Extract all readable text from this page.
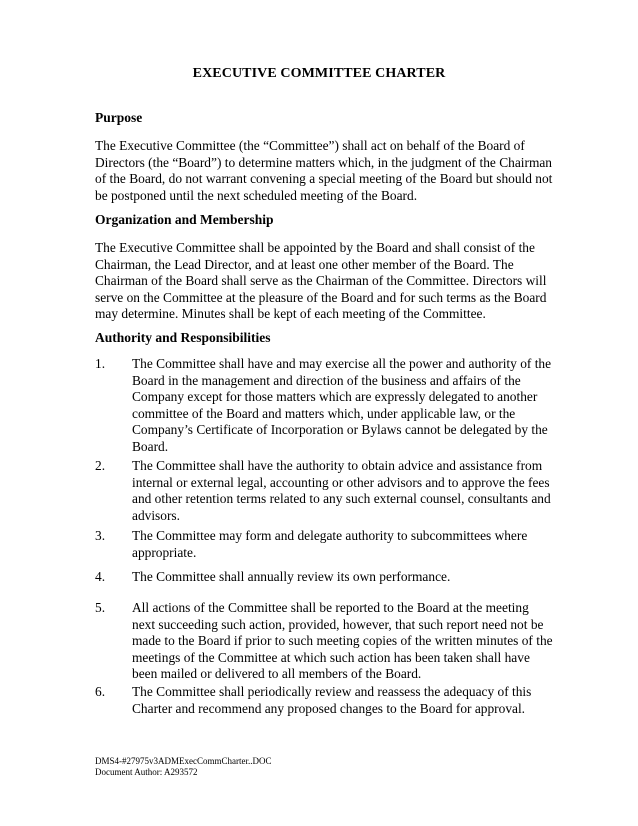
EXECUTIVE COMMITTEE CHARTER
Purpose
The Executive Committee (the “Committee”) shall act on behalf of the Board of Directors (the “Board”) to determine matters which, in the judgment of the Chairman of the Board, do not warrant convening a special meeting of the Board but should not be postponed until the next scheduled meeting of the Board.
Organization and Membership
The Executive Committee shall be appointed by the Board and shall consist of the Chairman, the Lead Director, and at least one other member of the Board. The Chairman of the Board shall serve as the Chairman of the Committee. Directors will serve on the Committee at the pleasure of the Board and for such terms as the Board may determine. Minutes shall be kept of each meeting of the Committee.
Authority and Responsibilities
1. The Committee shall have and may exercise all the power and authority of the Board in the management and direction of the business and affairs of the Company except for those matters which are expressly delegated to another committee of the Board and matters which, under applicable law, or the Company’s Certificate of Incorporation or Bylaws cannot be delegated by the Board.
2. The Committee shall have the authority to obtain advice and assistance from internal or external legal, accounting or other advisors and to approve the fees and other retention terms related to any such external counsel, consultants and advisors.
3. The Committee may form and delegate authority to subcommittees where appropriate.
4. The Committee shall annually review its own performance.
5. All actions of the Committee shall be reported to the Board at the meeting next succeeding such action, provided, however, that such report need not be made to the Board if prior to such meeting copies of the written minutes of the meetings of the Committee at which such action has been taken shall have been mailed or delivered to all members of the Board.
6. The Committee shall periodically review and reassess the adequacy of this Charter and recommend any proposed changes to the Board for approval.
DMS4-#27975v3ADMExecCommCharter..DOC
Document Author: A293572
